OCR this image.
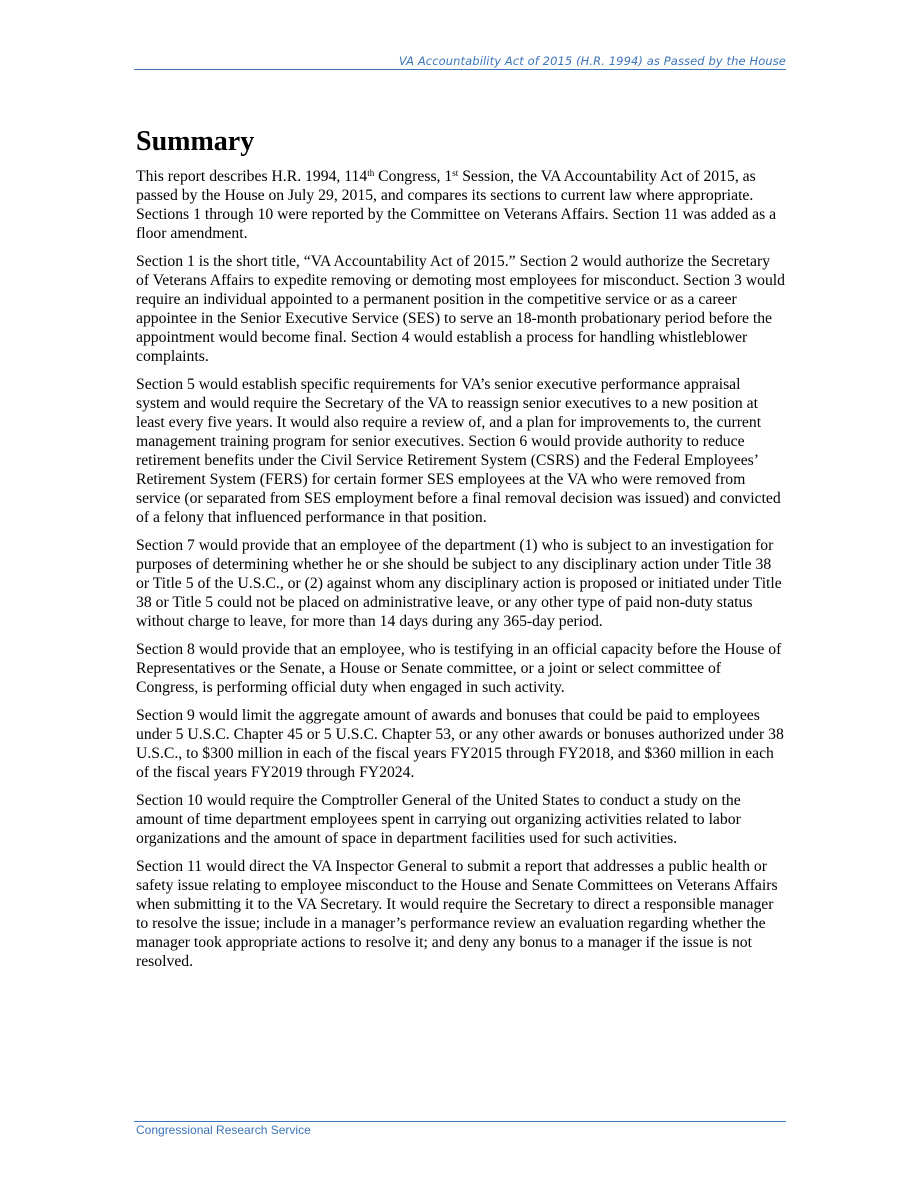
VA Accountability Act of 2015 (H.R. 1994) as Passed by the House
Summary

This report describes H.R. 1994, 114th Congress, 1st Session, the VA Accountability Act of 2015, as passed by the House on July 29, 2015, and compares its sections to current law where appropriate. Sections 1 through 10 were reported by the Committee on Veterans Affairs. Section 11 was added as a floor amendment.

Section 1 is the short title, “VA Accountability Act of 2015.” Section 2 would authorize the Secretary of Veterans Affairs to expedite removing or demoting most employees for misconduct. Section 3 would require an individual appointed to a permanent position in the competitive service or as a career appointee in the Senior Executive Service (SES) to serve an 18-month probationary period before the appointment would become final. Section 4 would establish a process for handling whistleblower complaints.

Section 5 would establish specific requirements for VA’s senior executive performance appraisal system and would require the Secretary of the VA to reassign senior executives to a new position at least every five years. It would also require a review of, and a plan for improvements to, the current management training program for senior executives. Section 6 would provide authority to reduce retirement benefits under the Civil Service Retirement System (CSRS) and the Federal Employees’ Retirement System (FERS) for certain former SES employees at the VA who were removed from service (or separated from SES employment before a final removal decision was issued) and convicted of a felony that influenced performance in that position.

Section 7 would provide that an employee of the department (1) who is subject to an investigation for purposes of determining whether he or she should be subject to any disciplinary action under Title 38 or Title 5 of the U.S.C., or (2) against whom any disciplinary action is proposed or initiated under Title 38 or Title 5 could not be placed on administrative leave, or any other type of paid non-duty status without charge to leave, for more than 14 days during any 365-day period.

Section 8 would provide that an employee, who is testifying in an official capacity before the House of Representatives or the Senate, a House or Senate committee, or a joint or select committee of Congress, is performing official duty when engaged in such activity.

Section 9 would limit the aggregate amount of awards and bonuses that could be paid to employees under 5 U.S.C. Chapter 45 or 5 U.S.C. Chapter 53, or any other awards or bonuses authorized under 38 U.S.C., to $300 million in each of the fiscal years FY2015 through FY2018, and $360 million in each of the fiscal years FY2019 through FY2024.

Section 10 would require the Comptroller General of the United States to conduct a study on the amount of time department employees spent in carrying out organizing activities related to labor organizations and the amount of space in department facilities used for such activities.

Section 11 would direct the VA Inspector General to submit a report that addresses a public health or safety issue relating to employee misconduct to the House and Senate Committees on Veterans Affairs when submitting it to the VA Secretary. It would require the Secretary to direct a responsible manager to resolve the issue; include in a manager’s performance review an evaluation regarding whether the manager took appropriate actions to resolve it; and deny any bonus to a manager if the issue is not resolved.

Congressional Research Service
